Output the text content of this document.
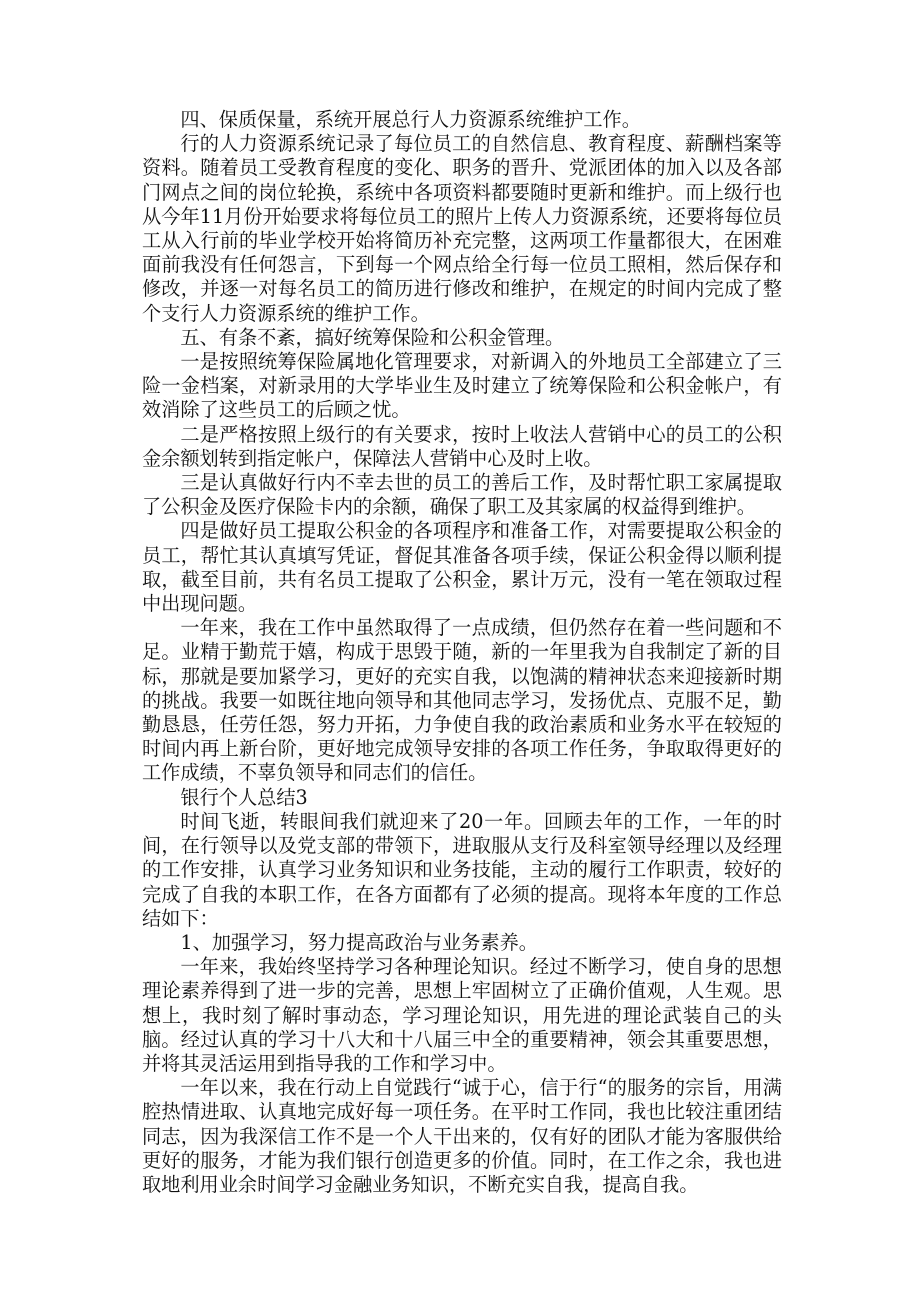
四、保质保量，系统开展总行人力资源系统维护工作。

行的人力资源系统记录了每位员工的自然信息、教育程度、薪酬档案等资料。随着员工受教育程度的变化、职务的晋升、党派团体的加入以及各部门网点之间的岗位轮换，系统中各项资料都要随时更新和维护。而上级行也从今年11月份开始要求将每位员工的照片上传人力资源系统，还要将每位员工从入行前的毕业学校开始将简历补充完整，这两项工作量都很大，在困难面前我没有任何怨言，下到每一个网点给全行每一位员工照相，然后保存和修改，并逐一对每名员工的简历进行修改和维护，在规定的时间内完成了整个支行人力资源系统的维护工作。

五、有条不紊，搞好统筹保险和公积金管理。

一是按照统筹保险属地化管理要求，对新调入的外地员工全部建立了三险一金档案，对新录用的大学毕业生及时建立了统筹保险和公积金帐户，有效消除了这些员工的后顾之忧。

二是严格按照上级行的有关要求，按时上收法人营销中心的员工的公积金余额划转到指定帐户，保障法人营销中心及时上收。

三是认真做好行内不幸去世的员工的善后工作，及时帮忙职工家属提取了公积金及医疗保险卡内的余额，确保了职工及其家属的权益得到维护。

四是做好员工提取公积金的各项程序和准备工作，对需要提取公积金的员工，帮忙其认真填写凭证，督促其准备各项手续，保证公积金得以顺利提取，截至目前，共有名员工提取了公积金，累计万元，没有一笔在领取过程中出现问题。

一年来，我在工作中虽然取得了一点成绩，但仍然存在着一些问题和不足。业精于勤荒于嬉，构成于思毁于随，新的一年里我为自我制定了新的目标，那就是要加紧学习，更好的充实自我，以饱满的精神状态来迎接新时期的挑战。我要一如既往地向领导和其他同志学习，发扬优点、克服不足，勤勤恳恳，任劳任怨，努力开拓，力争使自我的政治素质和业务水平在较短的时间内再上新台阶，更好地完成领导安排的各项工作任务，争取取得更好的工作成绩，不辜负领导和同志们的信任。

银行个人总结3

时间飞逝，转眼间我们就迎来了20一年。回顾去年的工作，一年的时间，在行领导以及党支部的带领下，进取服从支行及科室领导经理以及经理的工作安排，认真学习业务知识和业务技能，主动的履行工作职责，较好的完成了自我的本职工作，在各方面都有了必须的提高。现将本年度的工作总结如下：

1、加强学习，努力提高政治与业务素养。

一年来，我始终坚持学习各种理论知识。经过不断学习，使自身的思想理论素养得到了进一步的完善，思想上牢固树立了正确价值观，人生观。思想上，我时刻了解时事动态，学习理论知识，用先进的理论武装自己的头脑。经过认真的学习十八大和十八届三中全的重要精神，领会其重要思想，并将其灵活运用到指导我的工作和学习中。

一年以来，我在行动上自觉践行“诚于心，信于行“的服务的宗旨，用满腔热情进取、认真地完成好每一项任务。在平时工作同，我也比较注重团结同志，因为我深信工作不是一个人干出来的，仅有好的团队才能为客服供给更好的服务，才能为我们银行创造更多的价值。同时，在工作之余，我也进取地利用业余时间学习金融业务知识，不断充实自我，提高自我。
